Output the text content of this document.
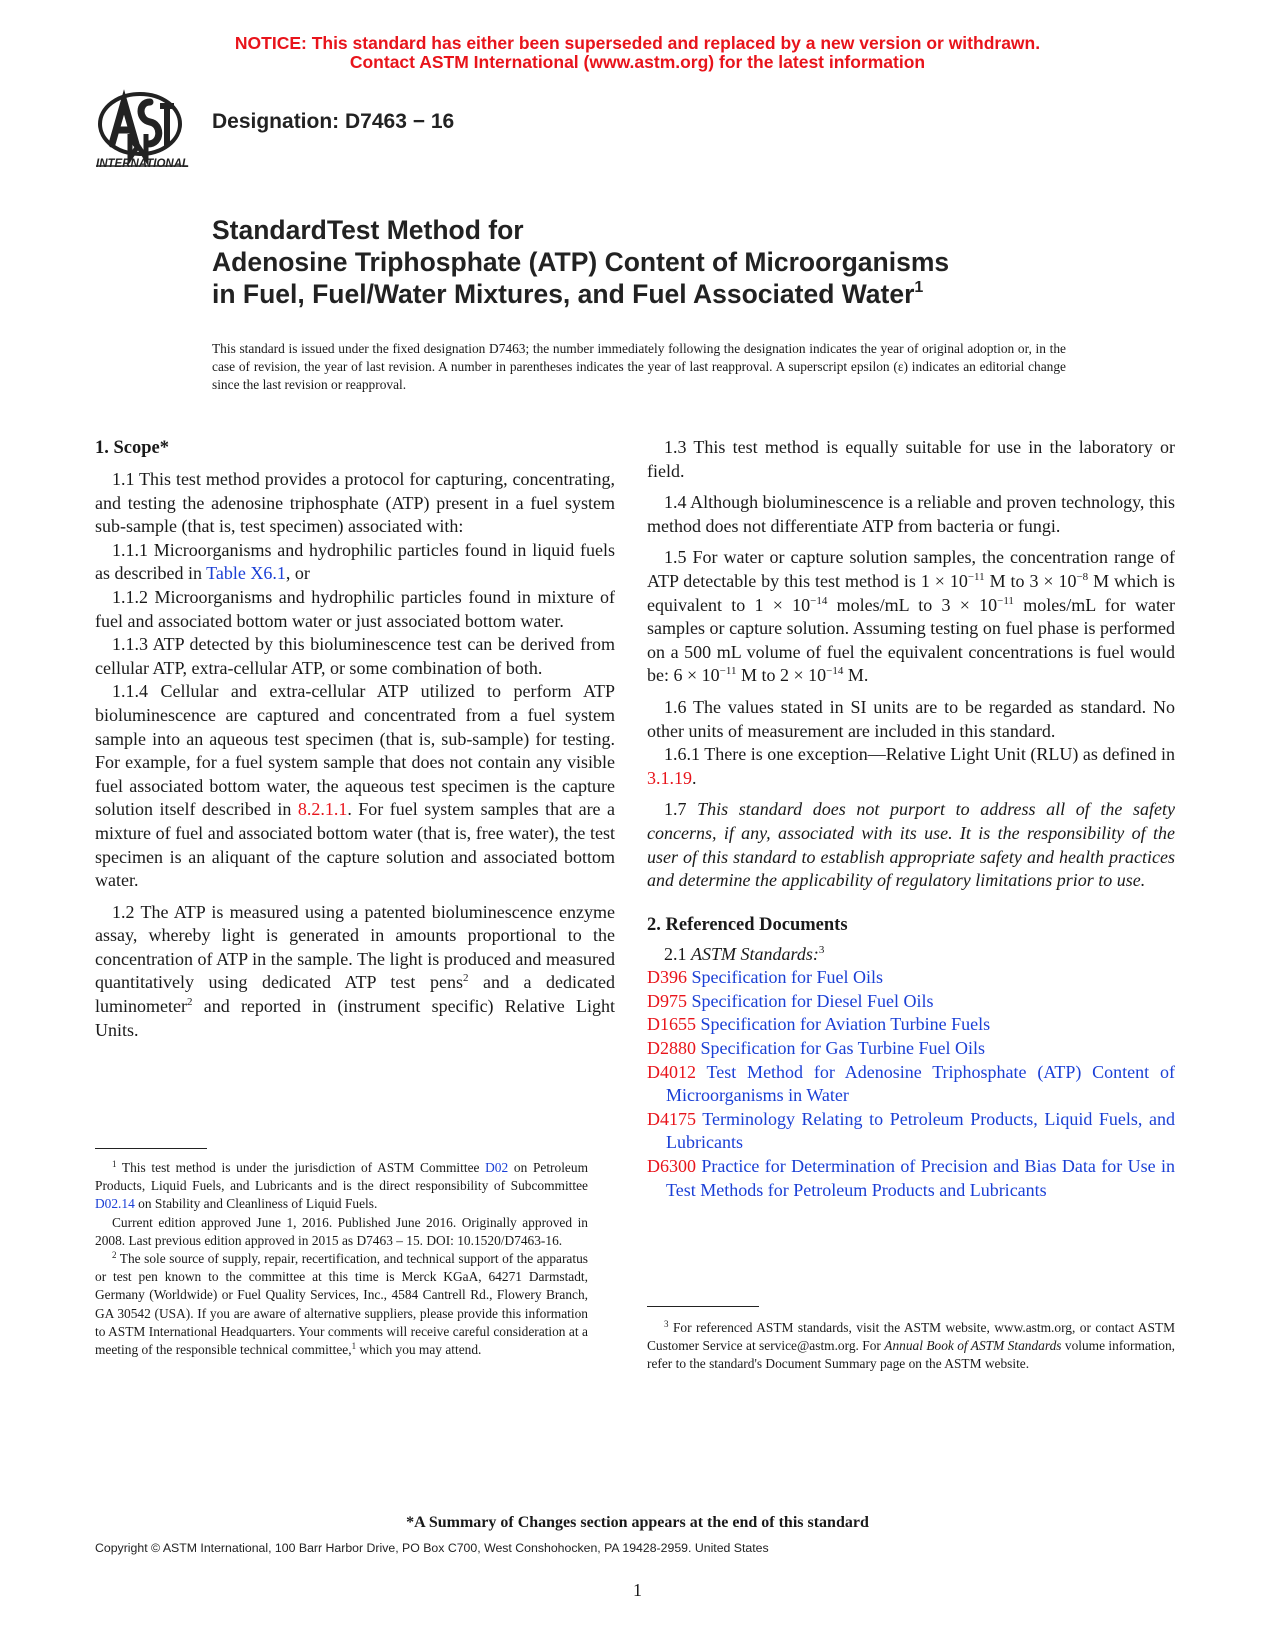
NOTICE: This standard has either been superseded and replaced by a new version or withdrawn.
Contact ASTM International (www.astm.org) for the latest information
INTERNATIONAL
Designation: D7463 − 16
StandardTest Method for
Adenosine Triphosphate (ATP) Content of Microorganisms
in Fuel, Fuel/Water Mixtures, and Fuel Associated Water$^1$
This standard is issued under the fixed designation D7463; the number immediately following the designation indicates the year of original adoption or, in the case of revision, the year of last revision. A number in parentheses indicates the year of last reapproval. A superscript epsilon (ε) indicates an editorial change since the last revision or reapproval.
1. Scope*

1.1 This test method provides a protocol for capturing, concentrating, and testing the adenosine triphosphate (ATP) present in a fuel system sub-sample (that is, test specimen) associated with:

1.1.1 Microorganisms and hydrophilic particles found in liquid fuels as described in Table X6.1, or

1.1.2 Microorganisms and hydrophilic particles found in mixture of fuel and associated bottom water or just associated bottom water.

1.1.3 ATP detected by this bioluminescence test can be derived from cellular ATP, extra-cellular ATP, or some combination of both.

1.1.4 Cellular and extra-cellular ATP utilized to perform ATP bioluminescence are captured and concentrated from a fuel system sample into an aqueous test specimen (that is, sub-sample) for testing. For example, for a fuel system sample that does not contain any visible fuel associated bottom water, the aqueous test specimen is the capture solution itself described in 8.2.1.1. For fuel system samples that are a mixture of fuel and associated bottom water (that is, free water), the test specimen is an aliquant of the capture solution and associated bottom water.

1.2 The ATP is measured using a patented bioluminescence enzyme assay, whereby light is generated in amounts proportional to the concentration of ATP in the sample. The light is produced and measured quantitatively using dedicated ATP test pens$^2$ and a dedicated luminometer$^2$ and reported in (instrument specific) Relative Light Units.

$^1$ This test method is under the jurisdiction of ASTM Committee D02 on Petroleum Products, Liquid Fuels, and Lubricants and is the direct responsibility of Subcommittee D02.14 on Stability and Cleanliness of Liquid Fuels.

Current edition approved June 1, 2016. Published June 2016. Originally approved in 2008. Last previous edition approved in 2015 as D7463 – 15. DOI: 10.1520/D7463-16.

$^2$ The sole source of supply, repair, recertification, and technical support of the apparatus or test pen known to the committee at this time is Merck KGaA, 64271 Darmstadt, Germany (Worldwide) or Fuel Quality Services, Inc., 4584 Cantrell Rd., Flowery Branch, GA 30542 (USA). If you are aware of alternative suppliers, please provide this information to ASTM International Headquarters. Your comments will receive careful consideration at a meeting of the responsible technical committee,$^1$ which you may attend.

1.3 This test method is equally suitable for use in the laboratory or field.

1.4 Although bioluminescence is a reliable and proven technology, this method does not differentiate ATP from bacteria or fungi.

1.5 For water or capture solution samples, the concentration range of ATP detectable by this test method is $1 \times 10^{-11}$ M to $3 \times 10^{-8}$ M which is equivalent to $1 \times 10^{-14}$ moles/mL to $3 \times 10^{-11}$ moles/mL for water samples or capture solution. Assuming testing on fuel phase is performed on a 500 mL volume of fuel the equivalent concentrations is fuel would be: $6 \times 10^{-11}$ M to $2 \times 10^{-14}$ M.

1.6 The values stated in SI units are to be regarded as standard. No other units of measurement are included in this standard.

1.6.1 There is one exception—Relative Light Unit (RLU) as defined in 3.1.19.

1.7 This standard does not purport to address all of the safety concerns, if any, associated with its use. It is the responsibility of the user of this standard to establish appropriate safety and health practices and determine the applicability of regulatory limitations prior to use.

2. Referenced Documents

2.1 ASTM Standards:$^3$

D396 Specification for Fuel Oils

D975 Specification for Diesel Fuel Oils

D1655 Specification for Aviation Turbine Fuels

D2880 Specification for Gas Turbine Fuel Oils

D4012 Test Method for Adenosine Triphosphate (ATP) Content of Microorganisms in Water

D4175 Terminology Relating to Petroleum Products, Liquid Fuels, and Lubricants

D6300 Practice for Determination of Precision and Bias Data for Use in Test Methods for Petroleum Products and Lubricants

$^3$ For referenced ASTM standards, visit the ASTM website, www.astm.org, or contact ASTM Customer Service at service@astm.org. For Annual Book of ASTM Standards volume information, refer to the standard's Document Summary page on the ASTM website.

*A Summary of Changes section appears at the end of this standard
Copyright © ASTM International, 100 Barr Harbor Drive, PO Box C700, West Conshohocken, PA 19428-2959. United States
1
